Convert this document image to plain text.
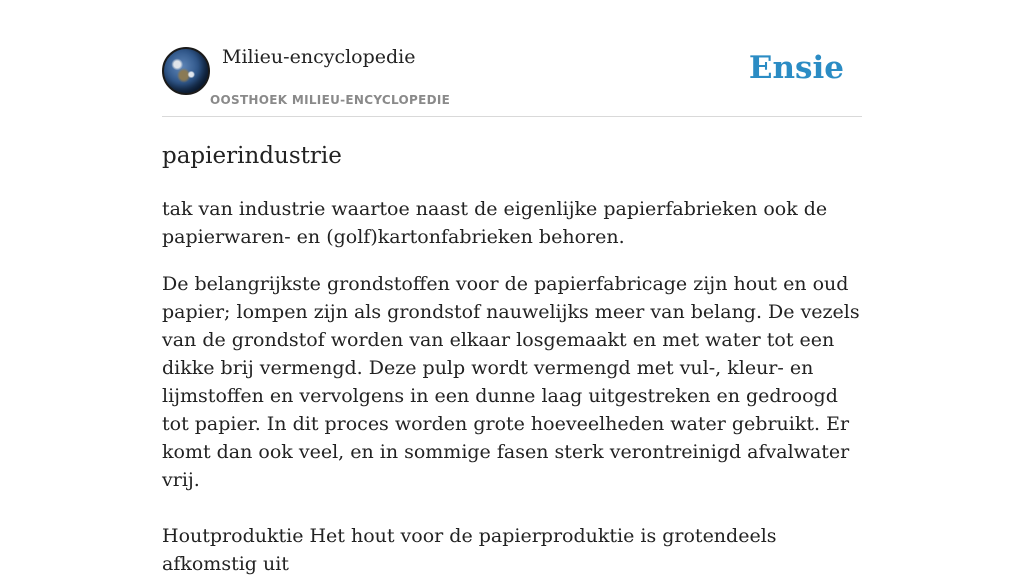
Milieu-encyclopedie
OOSTHOEK MILIEU-ENCYCLOPEDIE
Ensie
papierindustrie

tak van industrie waartoe naast de eigenlijke papierfabrieken ook de papierwaren- en (golf)kartonfabrieken behoren.

De belangrijkste grondstoffen voor de papierfabricage zijn hout en oud papier; lompen zijn als grondstof nauwelijks meer van belang. De vezels van de grondstof worden van elkaar losgemaakt en met water tot een dikke brij vermengd. Deze pulp wordt vermengd met vul-, kleur- en lijmstoffen en vervolgens in een dunne laag uitgestreken en gedroogd tot papier. In dit proces worden grote hoeveelheden water gebruikt. Er komt dan ook veel, en in sommige fasen sterk verontreinigd afvalwater vrij.

Houtproduktie Het hout voor de papierproduktie is grotendeels afkomstig uit
